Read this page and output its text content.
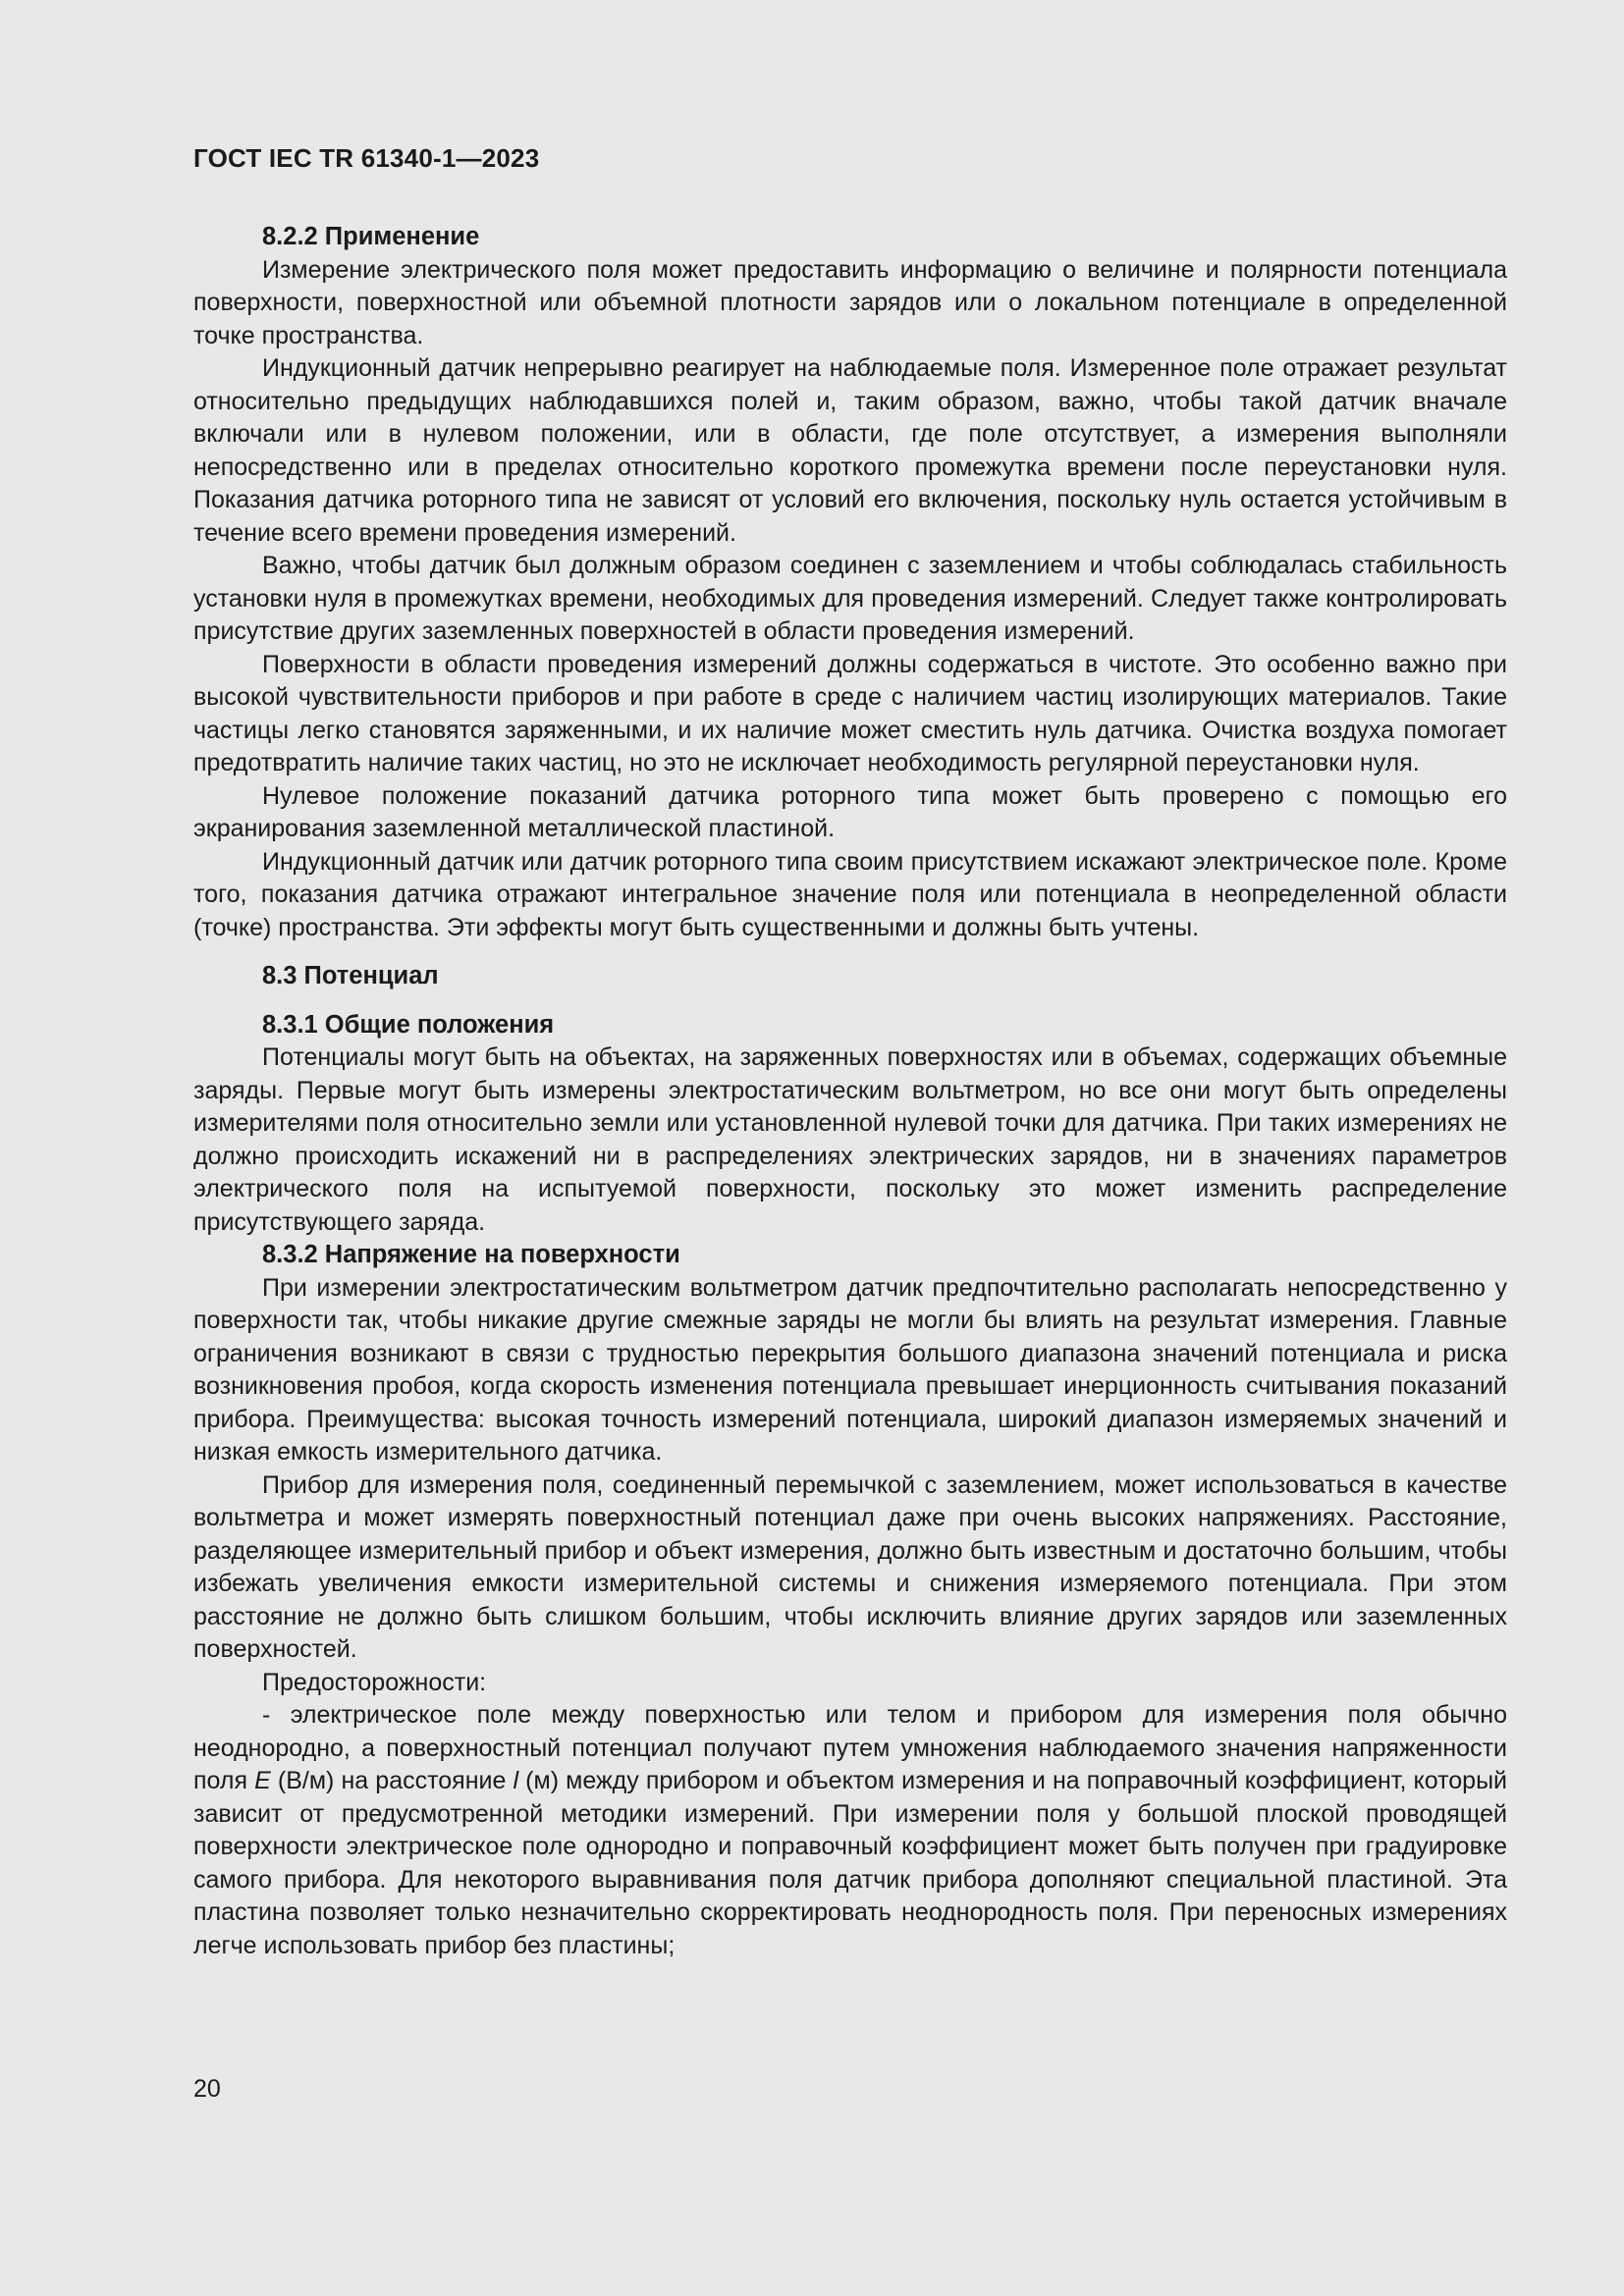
ГОСТ IEC TR 61340-1—2023
8.2.2 Применение

Измерение электрического поля может предоставить информацию о величине и полярности потенциала поверхности, поверхностной или объемной плотности зарядов или о локальном потенциале в определенной точке пространства.

Индукционный датчик непрерывно реагирует на наблюдаемые поля. Измеренное поле отражает результат относительно предыдущих наблюдавшихся полей и, таким образом, важно, чтобы такой датчик вначале включали или в нулевом положении, или в области, где поле отсутствует, а измерения выполняли непосредственно или в пределах относительно короткого промежутка времени после переустановки нуля. Показания датчика роторного типа не зависят от условий его включения, поскольку нуль остается устойчивым в течение всего времени проведения измерений.

Важно, чтобы датчик был должным образом соединен с заземлением и чтобы соблюдалась стабильность установки нуля в промежутках времени, необходимых для проведения измерений. Следует также контролировать присутствие других заземленных поверхностей в области проведения измерений.

Поверхности в области проведения измерений должны содержаться в чистоте. Это особенно важно при высокой чувствительности приборов и при работе в среде с наличием частиц изолирующих материалов. Такие частицы легко становятся заряженными, и их наличие может сместить нуль датчика. Очистка воздуха помогает предотвратить наличие таких частиц, но это не исключает необходимость регулярной переустановки нуля.

Нулевое положение показаний датчика роторного типа может быть проверено с помощью его экранирования заземленной металлической пластиной.

Индукционный датчик или датчик роторного типа своим присутствием искажают электрическое поле. Кроме того, показания датчика отражают интегральное значение поля или потенциала в неопределенной области (точке) пространства. Эти эффекты могут быть существенными и должны быть учтены.

8.3 Потенциал
8.3.1 Общие положения

Потенциалы могут быть на объектах, на заряженных поверхностях или в объемах, содержащих объемные заряды. Первые могут быть измерены электростатическим вольтметром, но все они могут быть определены измерителями поля относительно земли или установленной нулевой точки для датчика. При таких измерениях не должно происходить искажений ни в распределениях электрических зарядов, ни в значениях параметров электрического поля на испытуемой поверхности, поскольку это может изменить распределение присутствующего заряда.

8.3.2 Напряжение на поверхности

При измерении электростатическим вольтметром датчик предпочтительно располагать непосредственно у поверхности так, чтобы никакие другие смежные заряды не могли бы влиять на результат измерения. Главные ограничения возникают в связи с трудностью перекрытия большого диапазона значений потенциала и риска возникновения пробоя, когда скорость изменения потенциала превышает инерционность считывания показаний прибора. Преимущества: высокая точность измерений потенциала, широкий диапазон измеряемых значений и низкая емкость измерительного датчика.

Прибор для измерения поля, соединенный перемычкой с заземлением, может использоваться в качестве вольтметра и может измерять поверхностный потенциал даже при очень высоких напряжениях. Расстояние, разделяющее измерительный прибор и объект измерения, должно быть известным и достаточно большим, чтобы избежать увеличения емкости измерительной системы и снижения измеряемого потенциала. При этом расстояние не должно быть слишком большим, чтобы исключить влияние других зарядов или заземленных поверхностей.

Предосторожности:

- электрическое поле между поверхностью или телом и прибором для измерения поля обычно неоднородно, а поверхностный потенциал получают путем умножения наблюдаемого значения напряженности поля E (В/м) на расстояние l (м) между прибором и объектом измерения и на поправочный коэффициент, который зависит от предусмотренной методики измерений. При измерении поля у большой плоской проводящей поверхности электрическое поле однородно и поправочный коэффициент может быть получен при градуировке самого прибора. Для некоторого выравнивания поля датчик прибора дополняют специальной пластиной. Эта пластина позволяет только незначительно скорректировать неоднородность поля. При переносных измерениях легче использовать прибор без пластины;

20
